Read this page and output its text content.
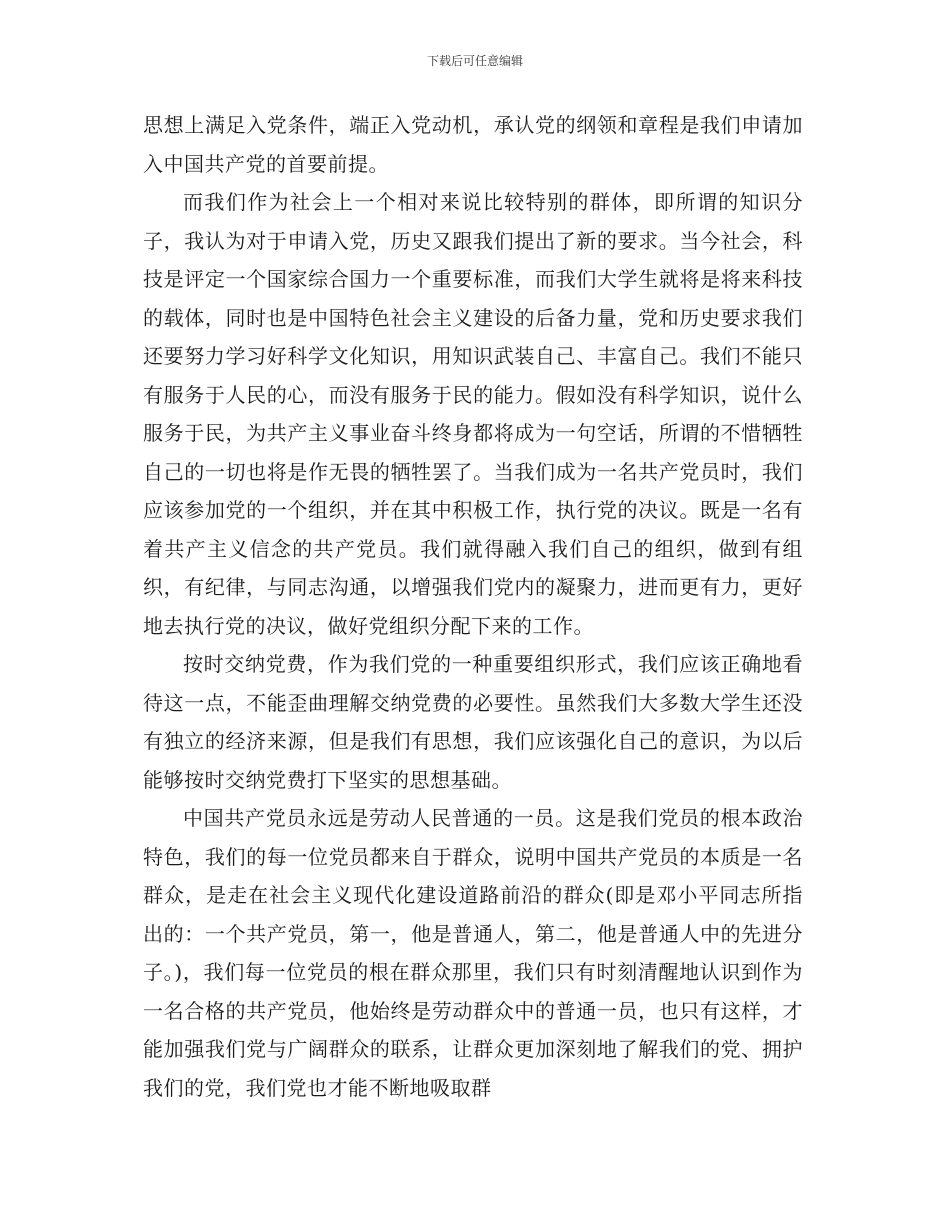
下载后可任意编辑

思想上满足入党条件，端正入党动机，承认党的纲领和章程是我们申请加入中国共产党的首要前提。

而我们作为社会上一个相对来说比较特别的群体，即所谓的知识分子，我认为对于申请入党，历史又跟我们提出了新的要求。当今社会，科技是评定一个国家综合国力一个重要标准，而我们大学生就将是将来科技的载体，同时也是中国特色社会主义建设的后备力量，党和历史要求我们还要努力学习好科学文化知识，用知识武装自己、丰富自己。我们不能只有服务于人民的心，而没有服务于民的能力。假如没有科学知识，说什么服务于民，为共产主义事业奋斗终身都将成为一句空话，所谓的不惜牺牲自己的一切也将是作无畏的牺牲罢了。当我们成为一名共产党员时，我们应该参加党的一个组织，并在其中积极工作，执行党的决议。既是一名有着共产主义信念的共产党员。我们就得融入我们自己的组织，做到有组织，有纪律，与同志沟通，以增强我们党内的凝聚力，进而更有力，更好地去执行党的决议，做好党组织分配下来的工作。

按时交纳党费，作为我们党的一种重要组织形式，我们应该正确地看待这一点，不能歪曲理解交纳党费的必要性。虽然我们大多数大学生还没有独立的经济来源，但是我们有思想，我们应该强化自己的意识，为以后能够按时交纳党费打下坚实的思想基础。

中国共产党员永远是劳动人民普通的一员。这是我们党员的根本政治特色，我们的每一位党员都来自于群众，说明中国共产党员的本质是一名群众，是走在社会主义现代化建设道路前沿的群众(即是邓小平同志所指出的：一个共产党员，第一，他是普通人，第二，他是普通人中的先进分子。)，我们每一位党员的根在群众那里，我们只有时刻清醒地认识到作为一名合格的共产党员，他始终是劳动群众中的普通一员，也只有这样，才能加强我们党与广阔群众的联系，让群众更加深刻地了解我们的党、拥护我们的党，我们党也才能不断地吸取群
